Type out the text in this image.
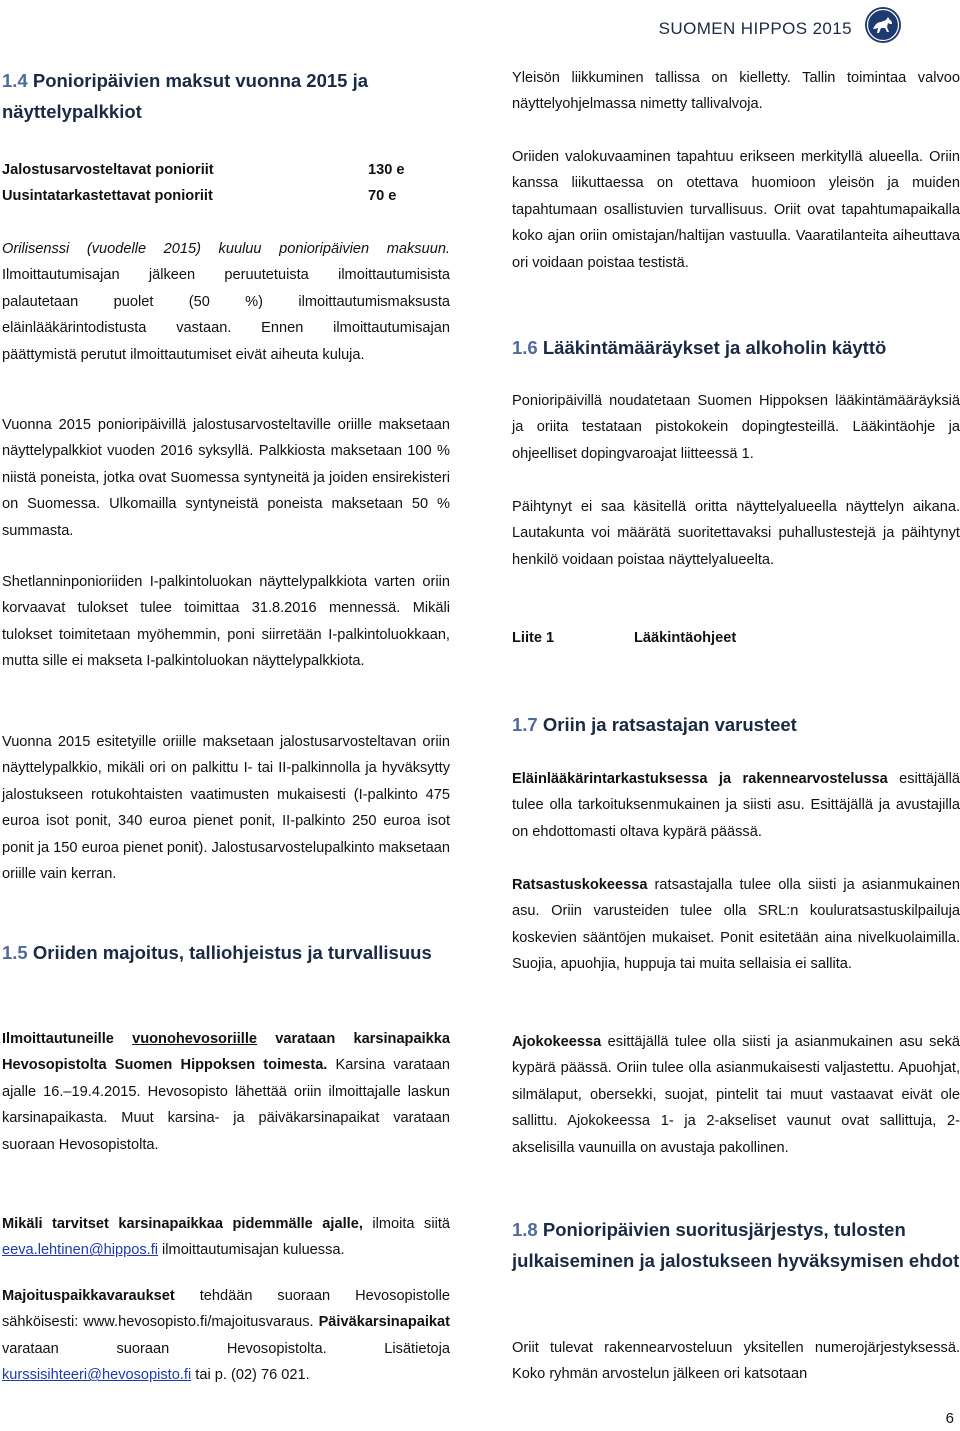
SUOMEN HIPPOS 2015
1.4 Ponioripäivien maksut vuonna 2015 ja näyttelypalkkiot
Jalostusarvosteltavat ponioriit	130 e
Uusintatarkastettavat ponioriit	70 e

Orilisenssi (vuodelle 2015) kuuluu ponioripäivien maksuun. Ilmoittautumisajan jälkeen peruutetuista ilmoittautumisista palautetaan puolet (50 %) ilmoittautumismaksusta eläinlääkärintodistusta vastaan. Ennen ilmoittautumisajan päättymistä perutut ilmoittautumiset eivät aiheuta kuluja.

Vuonna 2015 ponioripäivillä jalostusarvosteltaville oriille maksetaan näyttelypalkkiot vuoden 2016 syksyllä. Palkkiosta maksetaan 100 % niistä poneista, jotka ovat Suomessa syntyneitä ja joiden ensirekisteri on Suomessa. Ulkomailla syntyneistä poneista maksetaan 50 % summasta.

Shetlanninponioriiden I-palkintoluokan näyttelypalkkiota varten oriin korvaavat tulokset tulee toimittaa 31.8.2016 mennessä. Mikäli tulokset toimitetaan myöhemmin, poni siirretään I-palkintoluokkaan, mutta sille ei makseta I-palkintoluokan näyttelypalkkiota.

Vuonna 2015 esitetyille oriille maksetaan jalostusarvosteltavan oriin näyttelypalkkio, mikäli ori on palkittu I- tai II-palkinnolla ja hyväksytty jalostukseen rotukohtaisten vaatimusten mukaisesti (I-palkinto 475 euroa isot ponit, 340 euroa pienet ponit, II-palkinto 250 euroa isot ponit ja 150 euroa pienet ponit). Jalostusarvostelupalkinto maksetaan oriille vain kerran.

1.5 Oriiden majoitus, talliohjeistus ja turvallisuus

Ilmoittautuneille vuonohevosoriille varataan karsinapaikka Hevosopistolta Suomen Hippoksen toimesta. Karsina varataan ajalle 16.–19.4.2015. Hevosopisto lähettää oriin ilmoittajalle laskun karsinapaikasta. Muut karsina- ja päiväkarsinapaikat varataan suoraan Hevosopistolta.

Mikäli tarvitset karsinapaikkaa pidemmälle ajalle, ilmoita siitä eeva.lehtinen@hippos.fi ilmoittautumisajan kuluessa.

Majoituspaikkavaraukset tehdään suoraan Hevosopistolle sähköisesti: www.hevosopisto.fi/majoitusvaraus. Päiväkarsinapaikat varataan suoraan Hevosopistolta. Lisätietoja kurssisihteeri@hevosopisto.fi tai p. (02) 76 021.

Yleisön liikkuminen tallissa on kielletty. Tallin toimintaa valvoo näyttelyohjelmassa nimetty tallivalvoja.

Oriiden valokuvaaminen tapahtuu erikseen merkityllä alueella. Oriin kanssa liikuttaessa on otettava huomioon yleisön ja muiden tapahtumaan osallistuvien turvallisuus. Oriit ovat tapahtumapaikalla koko ajan oriin omistajan/haltijan vastuulla. Vaaratilanteita aiheuttava ori voidaan poistaa testistä.

1.6 Lääkintämääräykset ja alkoholin käyttö

Ponioripäivillä noudatetaan Suomen Hippoksen lääkintämääräyksiä ja oriita testataan pistokokein dopingtesteillä. Lääkintäohje ja ohjeelliset dopingvaroajat liitteessä 1.

Päihtynyt ei saa käsitellä oritta näyttelyalueella näyttelyn aikana. Lautakunta voi määrätä suoritettavaksi puhallustestejä ja päihtynyt henkilö voidaan poistaa näyttelyalueelta.

Liite 1	Lääkintäohjeet
1.7 Oriin ja ratsastajan varusteet

Eläinlääkärintarkastuksessa ja rakennearvostelussa esittäjällä tulee olla tarkoituksenmukainen ja siisti asu. Esittäjällä ja avustajilla on ehdottomasti oltava kypärä päässä.

Ratsastuskokeessa ratsastajalla tulee olla siisti ja asianmukainen asu. Oriin varusteiden tulee olla SRL:n kouluratsastuskilpailuja koskevien sääntöjen mukaiset. Ponit esitetään aina nivelkuolaimilla. Suojia, apuohjia, huppuja tai muita sellaisia ei sallita.

Ajokokeessa esittäjällä tulee olla siisti ja asianmukainen asu sekä kypärä päässä. Oriin tulee olla asianmukaisesti valjastettu. Apuohjat, silmälaput, obersekki, suojat, pintelit tai muut vastaavat eivät ole sallittu. Ajokokeessa 1- ja 2-akseliset vaunut ovat sallittuja, 2-akselisilla vaunuilla on avustaja pakollinen.

1.8 Ponioripäivien suoritusjärjestys, tulosten julkaiseminen ja jalostukseen hyväksymisen ehdot

Oriit tulevat rakennearvosteluun yksitellen numerojärjestyksessä. Koko ryhmän arvostelun jälkeen ori katsotaan

6
